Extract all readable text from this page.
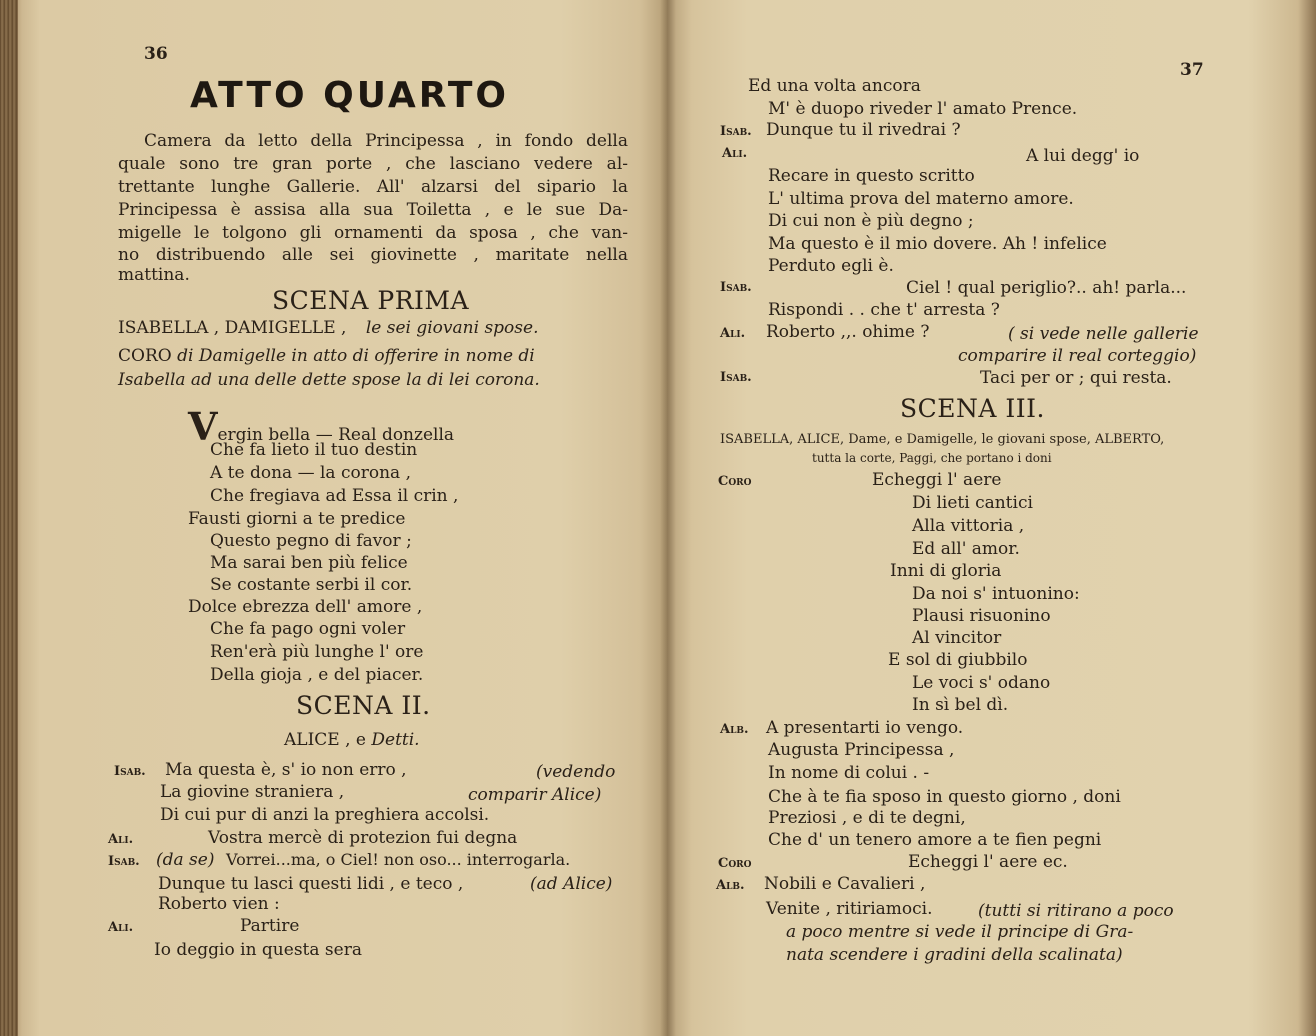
36
ATTO QUARTO
Camera da letto della Principessa , in fondo della
quale sono tre gran porte , che lasciano vedere al-
trettante lunghe Gallerie. All' alzarsi del sipario la
Principessa è assisa alla sua Toiletta , e le sue Da-
migelle le tolgono gli ornamenti da sposa , che van-
no distribuendo alle sei giovinette , maritate nella
mattina.
SCENA PRIMA
ISABELLA , DAMIGELLE , le sei giovani spose.
CORO di Damigelle in atto di offerire in nome di
Isabella ad una delle dette spose la di lei corona.
Vergin bella — Real donzella
Che fa lieto il tuo destin
A te dona — la corona ,
Che fregiava ad Essa il crin ,
Fausti giorni a te predice
Questo pegno di favor ;
Ma sarai ben più felice
Se costante serbi il cor.
Dolce ebrezza dell' amore ,
Che fa pago ogni voler
Ren'erà più lunghe l' ore
Della gioja , e del piacer.
SCENA II.
ALICE , e Detti.
Isab. Ma questa è, s' io non erro ,	(vedendo
La giovine straniera ,	comparir Alice)
Di cui pur di anzi la preghiera accolsi.
Ali.	Vostra mercè di protezion fui degna
Isab. (da se) Vorrei...ma, o Ciel! non oso... interrogarla.
Dunque tu lasci questi lidi , e teco ,	(ad Alice)
Roberto vien :
Ali.	Partire
Io deggio in questa sera
37
Ed una volta ancora
M' è duopo riveder l' amato Prence.
Isab. Dunque tu il rivedrai ?
Ali.	A lui degg' io
Recare in questo scritto
L' ultima prova del materno amore.
Di cui non è più degno ;
Ma questo è il mio dovere. Ah ! infelice
Perduto egli è.
Isab.	Ciel ! qual periglio?.. ah! parla...
Rispondi . . che t' arresta ?
Ali. Roberto ,,. ohime ?	( si vede nelle gallerie
comparire il real corteggio)
Isab.	Taci per or ; qui resta.
SCENA III.
ISABELLA, ALICE, Dame, e Damigelle, le giovani spose, ALBERTO,
tutta la corte, Paggi, che portano i doni
Coro	Echeggi l' aere
Di lieti cantici
Alla vittoria ,
Ed all' amor.
Inni di gloria
Da noi s' intuonino:
Plausi risuonino
Al vincitor
E sol di giubbilo
Le voci s' odano
In sì bel dì.
Alb. A presentarti io vengo.
Augusta Principessa ,
In nome di colui . -
Che à te fia sposo in questo giorno , doni
Preziosi , e di te degni,
Che d' un tenero amore a te fien pegni
Coro	Echeggi l' aere ec.
Alb. Nobili e Cavalieri ,
Venite , ritiriamoci.	(tutti si ritirano a poco
a poco mentre si vede il principe di Gra-
nata scendere i gradini della scalinata)
